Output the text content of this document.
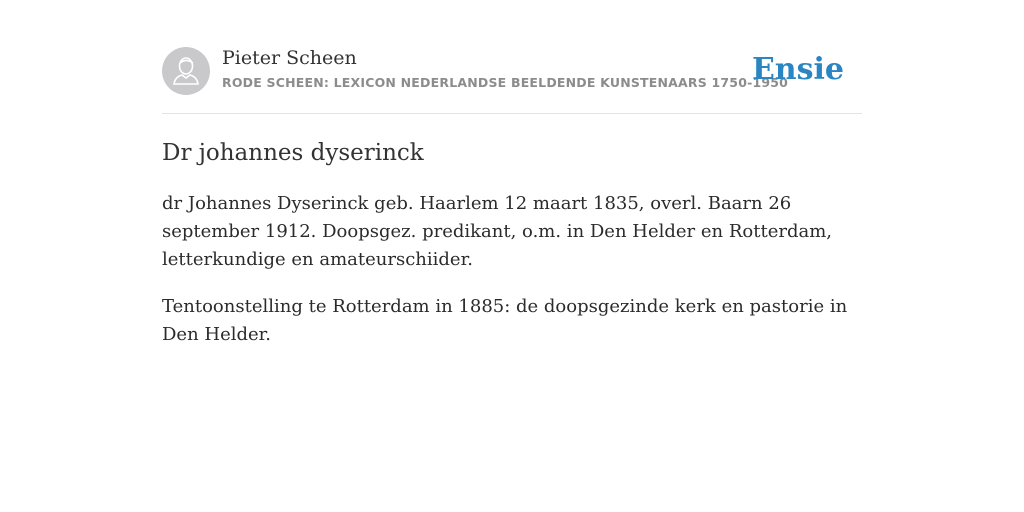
Pieter Scheen
RODE SCHEEN: LEXICON NEDERLANDSE BEELDENDE KUNSTENAARS 1750-1950
Ensie
Dr johannes dyserinck

dr Johannes Dyserinck geb. Haarlem 12 maart 1835, overl. Baarn 26 september 1912. Doopsgez. predikant, o.m. in Den Helder en Rotterdam, letterkundige en amateurschiider.

Tentoonstelling te Rotterdam in 1885: de doopsgezinde kerk en pastorie in Den Helder.
